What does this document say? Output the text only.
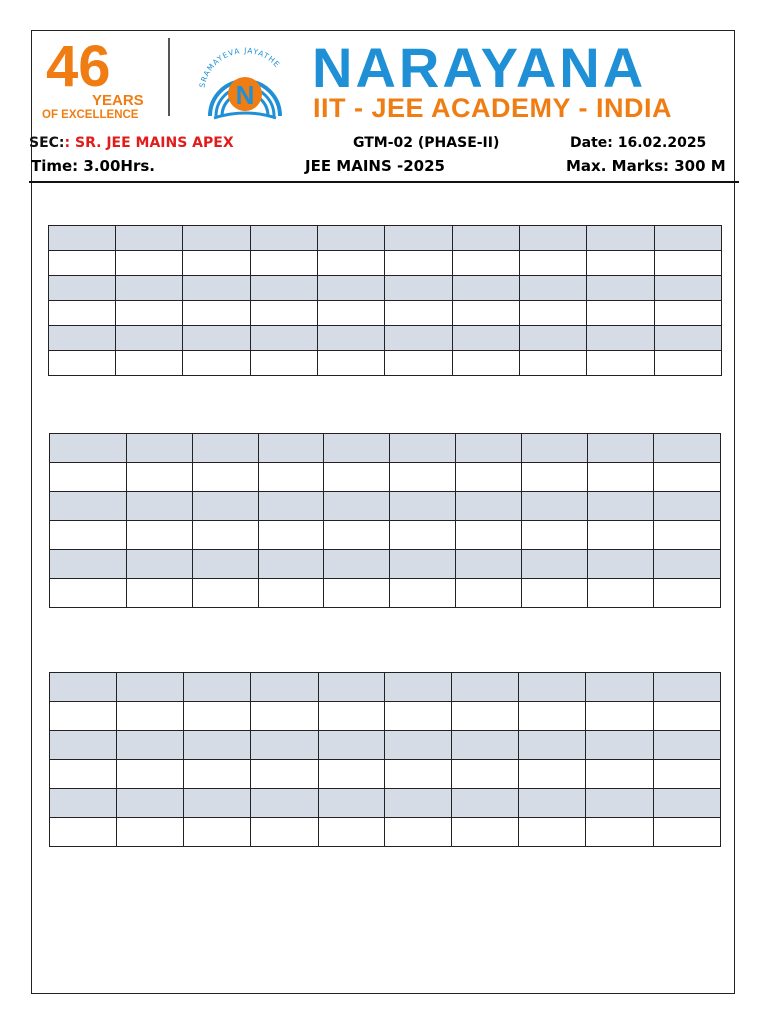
46
YEARS
OF EXCELLENCE
SRAMAYEVA JAYATHE
N NARAYANA
IIT - JEE ACADEMY - INDIA
SEC:: SR. JEE MAINS APEX	GTM-02 (PHASE-II)	Date: 16.02.2025
Time: 3.00Hrs.	JEE MAINS -2025	Max. Marks: 300 M
